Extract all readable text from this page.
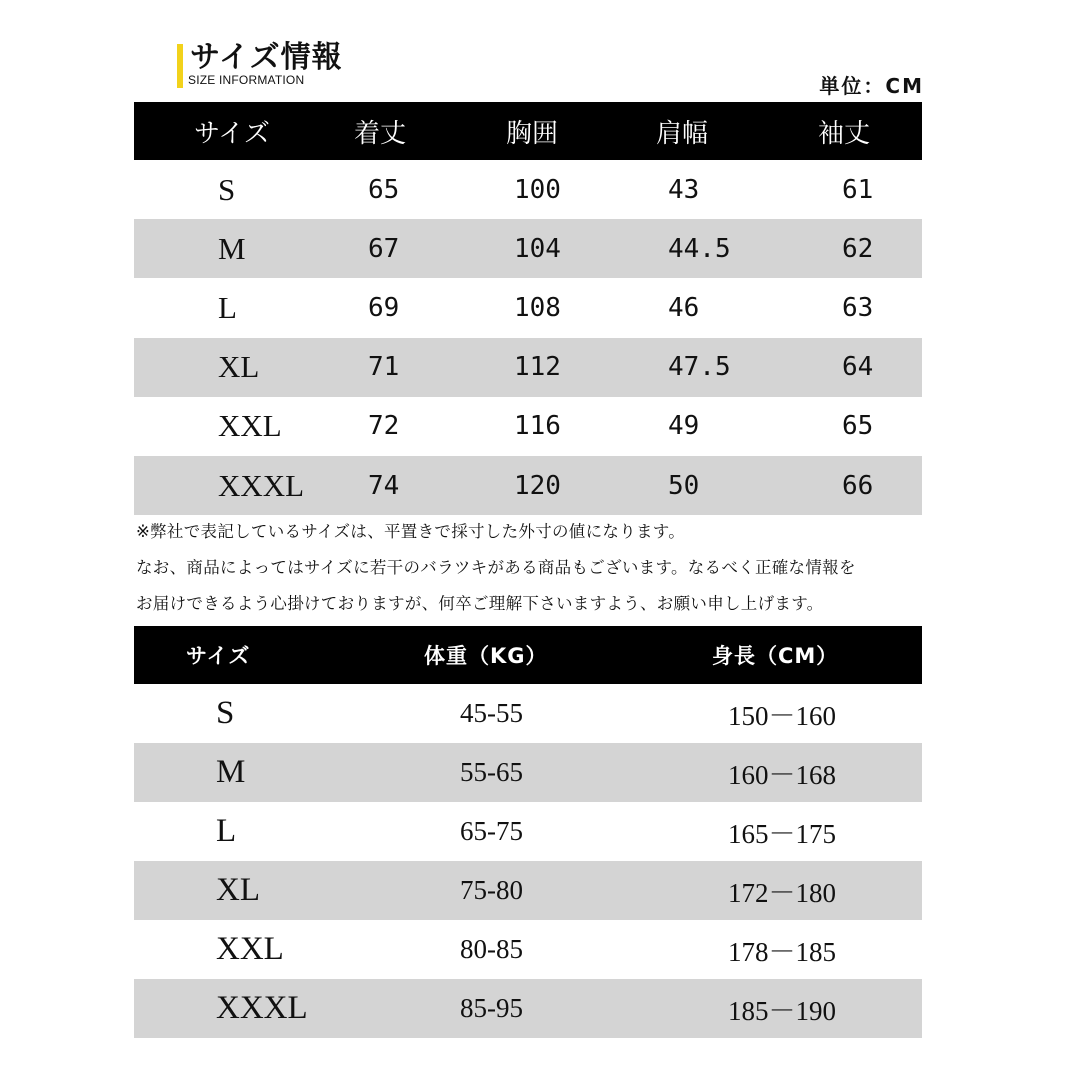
サイズ情報
SIZE INFORMATION	単位：CM
サイズ	着丈	胸囲	肩幅	袖丈
S	65	100	43	61
M	67	104	44.5	62
L	69	108	46	63
XL	71	112	47.5	64
XXL	72	116	49	65
XXXL 74	120	50	66
※弊社で表記しているサイズは、平置きで採寸した外寸の値になります。
なお、商品によってはサイズに若干のバラツキがある商品もございます。なるべく正確な情報を
お届けできるよう心掛けておりますが、何卒ご理解下さいますよう、お願い申し上げます。
サイズ	体重（KG）	身長（CM）
S	45-55	150－160
M	55-65	160－168
L	65-75	165－175
XL	75-80	172－180
XXL	80-85	178－185
XXXL	85-95	185－190
